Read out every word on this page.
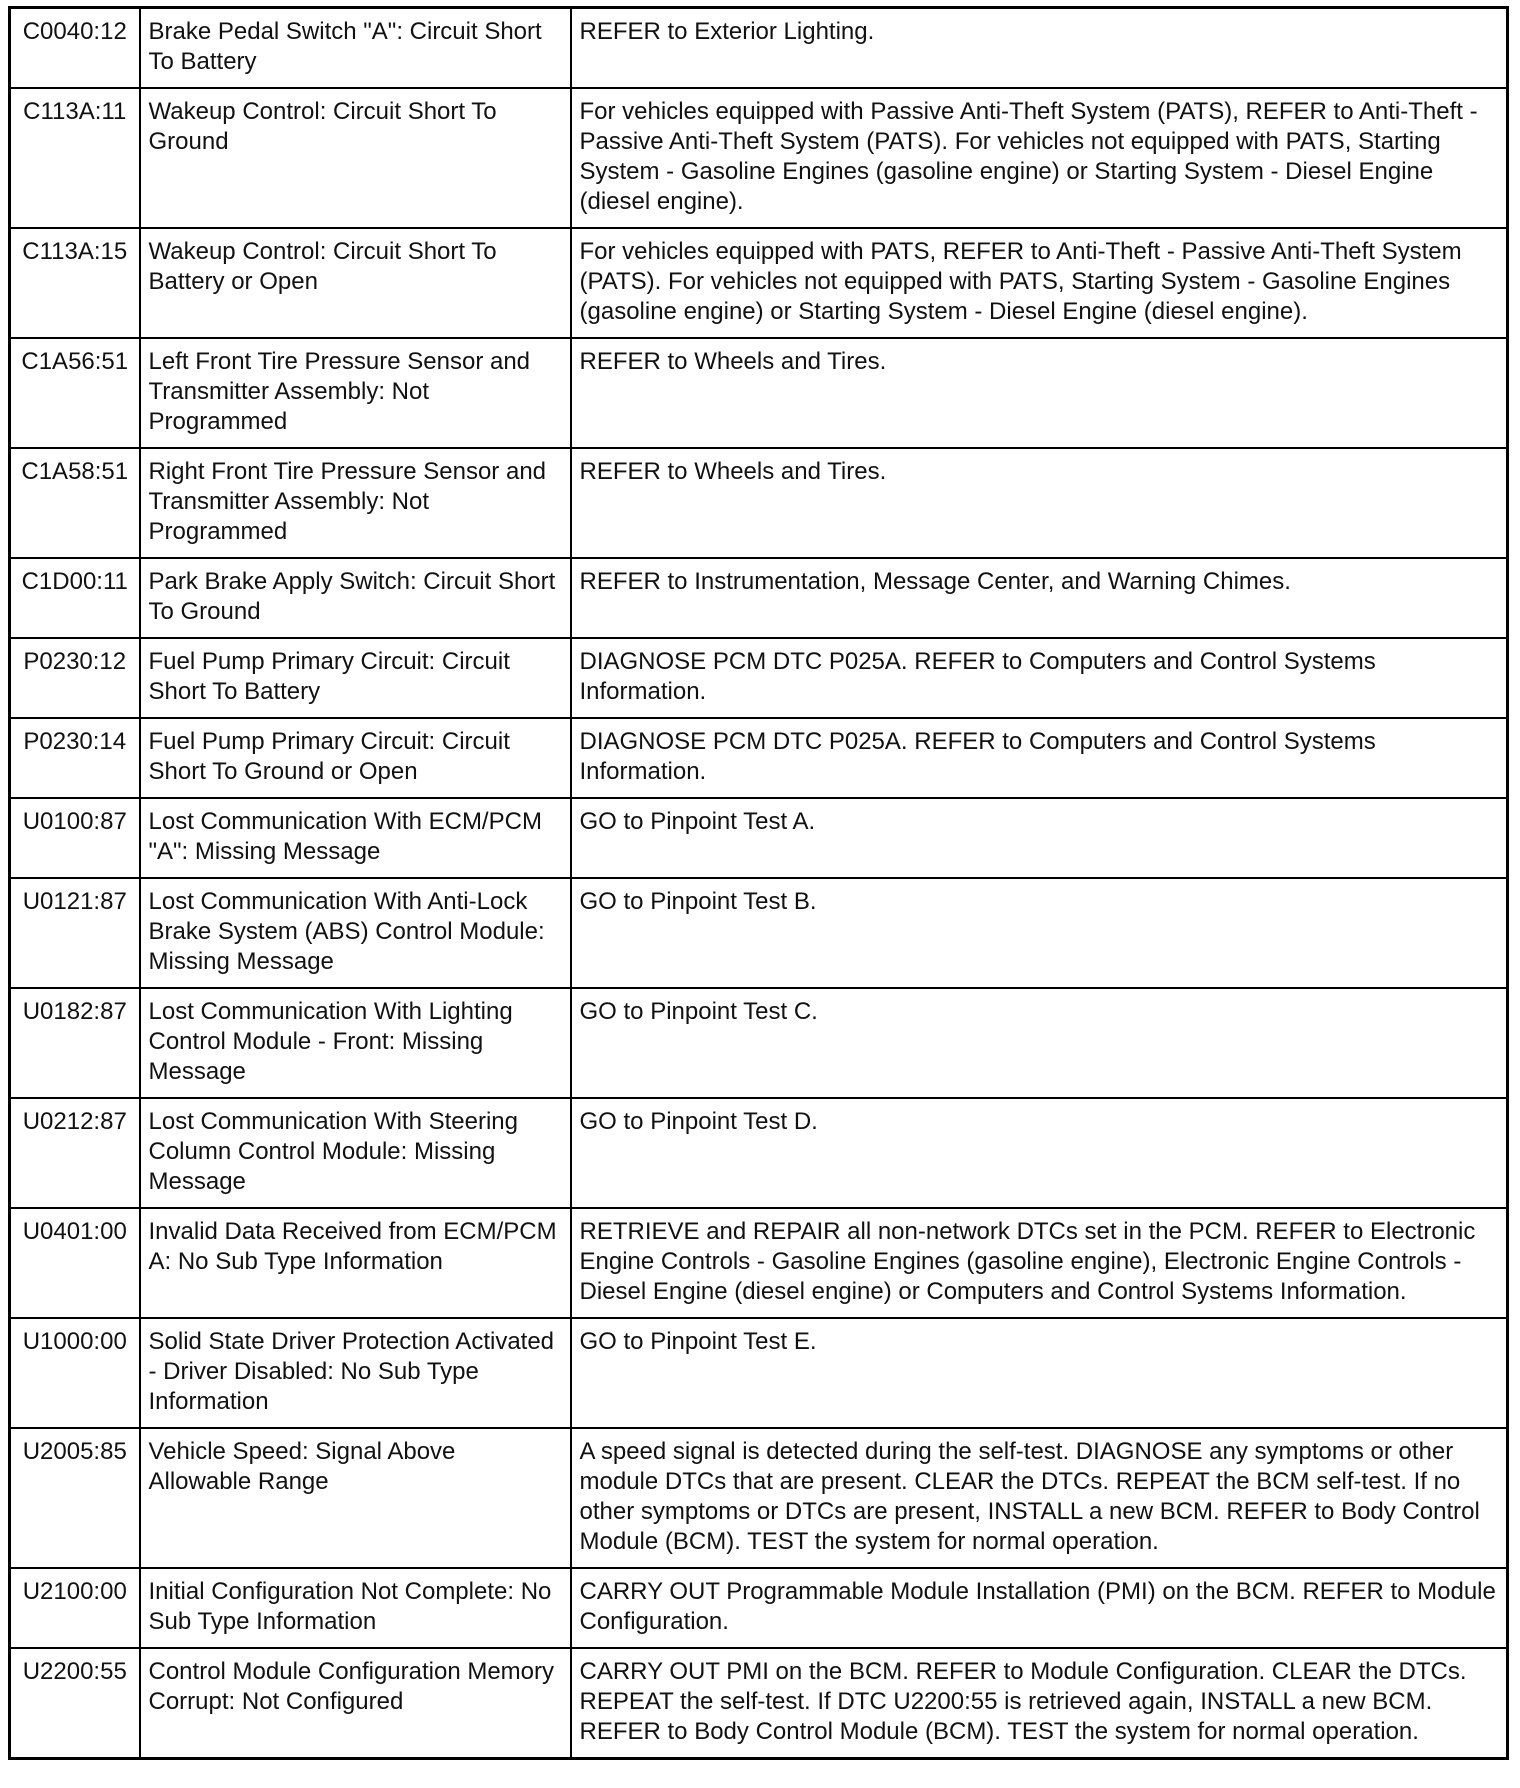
C0040:12	Brake Pedal Switch "A": Circuit Short To Battery	REFER to Exterior Lighting.
C113A:11	Wakeup Control: Circuit Short To Ground	For vehicles equipped with Passive Anti-Theft System (PATS), REFER to Anti-Theft - Passive Anti-Theft System (PATS). For vehicles not equipped with PATS, Starting System - Gasoline Engines (gasoline engine) or Starting System - Diesel Engine (diesel engine).
C113A:15	Wakeup Control: Circuit Short To Battery or Open	For vehicles equipped with PATS, REFER to Anti-Theft - Passive Anti-Theft System (PATS). For vehicles not equipped with PATS, Starting System - Gasoline Engines (gasoline engine) or Starting System - Diesel Engine (diesel engine).
C1A56:51	Left Front Tire Pressure Sensor and Transmitter Assembly: Not Programmed	REFER to Wheels and Tires.
C1A58:51	Right Front Tire Pressure Sensor and Transmitter Assembly: Not Programmed	REFER to Wheels and Tires.
C1D00:11	Park Brake Apply Switch: Circuit Short To Ground	REFER to Instrumentation, Message Center, and Warning Chimes.
P0230:12	Fuel Pump Primary Circuit: Circuit Short To Battery	DIAGNOSE PCM DTC P025A. REFER to Computers and Control Systems Information.
P0230:14	Fuel Pump Primary Circuit: Circuit Short To Ground or Open	DIAGNOSE PCM DTC P025A. REFER to Computers and Control Systems Information.
U0100:87	Lost Communication With ECM/PCM "A": Missing Message	GO to Pinpoint Test A.
U0121:87	Lost Communication With Anti-Lock Brake System (ABS) Control Module: Missing Message	GO to Pinpoint Test B.
U0182:87	Lost Communication With Lighting Control Module - Front: Missing Message	GO to Pinpoint Test C.
U0212:87	Lost Communication With Steering Column Control Module: Missing Message	GO to Pinpoint Test D.
U0401:00	Invalid Data Received from ECM/PCM A: No Sub Type Information	RETRIEVE and REPAIR all non-network DTCs set in the PCM. REFER to Electronic Engine Controls - Gasoline Engines (gasoline engine), Electronic Engine Controls - Diesel Engine (diesel engine) or Computers and Control Systems Information.
U1000:00	Solid State Driver Protection Activated - Driver Disabled: No Sub Type Information	GO to Pinpoint Test E.
U2005:85	Vehicle Speed: Signal Above Allowable Range	A speed signal is detected during the self-test. DIAGNOSE any symptoms or other module DTCs that are present. CLEAR the DTCs. REPEAT the BCM self-test. If no other symptoms or DTCs are present, INSTALL a new BCM. REFER to Body Control Module (BCM). TEST the system for normal operation.
U2100:00	Initial Configuration Not Complete: No Sub Type Information	CARRY OUT Programmable Module Installation (PMI) on the BCM. REFER to Module Configuration.
U2200:55	Control Module Configuration Memory Corrupt: Not Configured	CARRY OUT PMI on the BCM. REFER to Module Configuration. CLEAR the DTCs. REPEAT the self-test. If DTC U2200:55 is retrieved again, INSTALL a new BCM. REFER to Body Control Module (BCM). TEST the system for normal operation.
